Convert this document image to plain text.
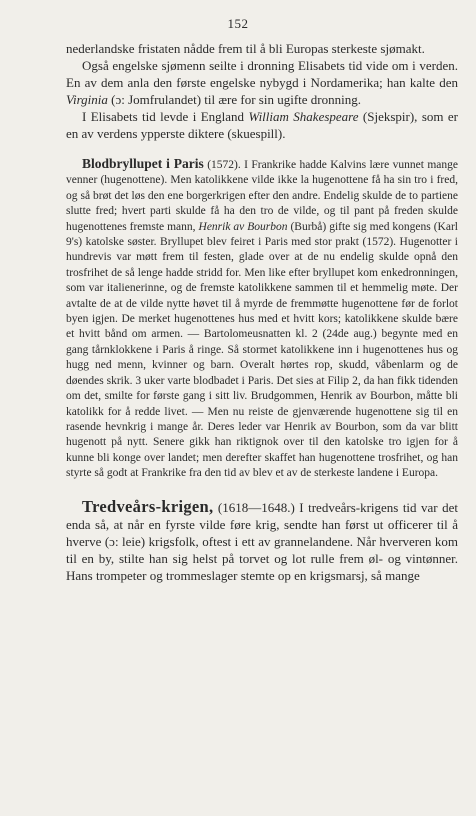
152

nederlandske fristaten nådde frem til å bli Europas sterkeste sjømakt.

Også engelske sjømenn seilte i dronning Elisabets tid vide om i verden. En av dem anla den første engelske nybygd i Nordamerika; han kalte den Virginia (ɔ: Jomfrulandet) til ære for sin ugifte dronning.

I Elisabets tid levde i England William Shakespeare (Sjekspir), som er en av verdens ypperste diktere (skuespill).

Blodbryllupet i Paris (1572). I Frankrike hadde Kalvins lære vunnet mange venner (hugenottene). Men katolikkene vilde ikke la hugenottene få ha sin tro i fred, og så brøt det løs den ene borgerkrigen efter den andre. Endelig skulde de to partiene slutte fred; hvert parti skulde få ha den tro de vilde, og til pant på freden skulde hugenottenes fremste mann, Henrik av Bourbon (Burbå) gifte sig med kongens (Karl 9's) katolske søster. Bryllupet blev feiret i Paris med stor prakt (1572). Hugenotter i hundrevis var møtt frem til festen, glade over at de nu endelig skulde opnå den trosfrihet de så lenge hadde stridd for. Men like efter bryllupet kom enkedronningen, som var italienerinne, og de fremste katolikkene sammen til et hemmelig møte. Der avtalte de at de vilde nytte høvet til å myrde de fremmøtte hugenottene før de forlot byen igjen. De merket hugenottenes hus med et hvitt kors; katolikkene skulde bære et hvitt bånd om armen. — Bartolomeusnatten kl. 2 (24de aug.) begynte med en gang tårnklokkene i Paris å ringe. Så stormet katolikkene inn i hugenottenes hus og hugg ned menn, kvinner og barn. Overalt hørtes rop, skudd, våbenlarm og de døendes skrik. 3 uker varte blodbadet i Paris. Det sies at Filip 2, da han fikk tidenden om det, smilte for første gang i sitt liv. Brudgommen, Henrik av Bourbon, måtte bli katolikk for å redde livet. — Men nu reiste de gjenværende hugenottene sig til en rasende hevnkrig i mange år. Deres leder var Henrik av Bourbon, som da var blitt hugenott på nytt. Senere gikk han riktignok over til den katolske tro igjen for å kunne bli konge over landet; men derefter skaffet han hugenottene trosfrihet, og han styrte så godt at Frankrike fra den tid av blev et av de sterkeste landene i Europa.

Tredveårs-krigen, (1618—1648.) I tredveårs-krigens tid var det enda så, at når en fyrste vilde føre krig, sendte han først ut officerer til å hverve (ɔ: leie) krigsfolk, oftest i ett av grannelandene. Når hververen kom til en by, stilte han sig helst på torvet og lot rulle frem øl- og vintønner. Hans trompeter og trommeslager stemte op en krigsmarsj, så mange
